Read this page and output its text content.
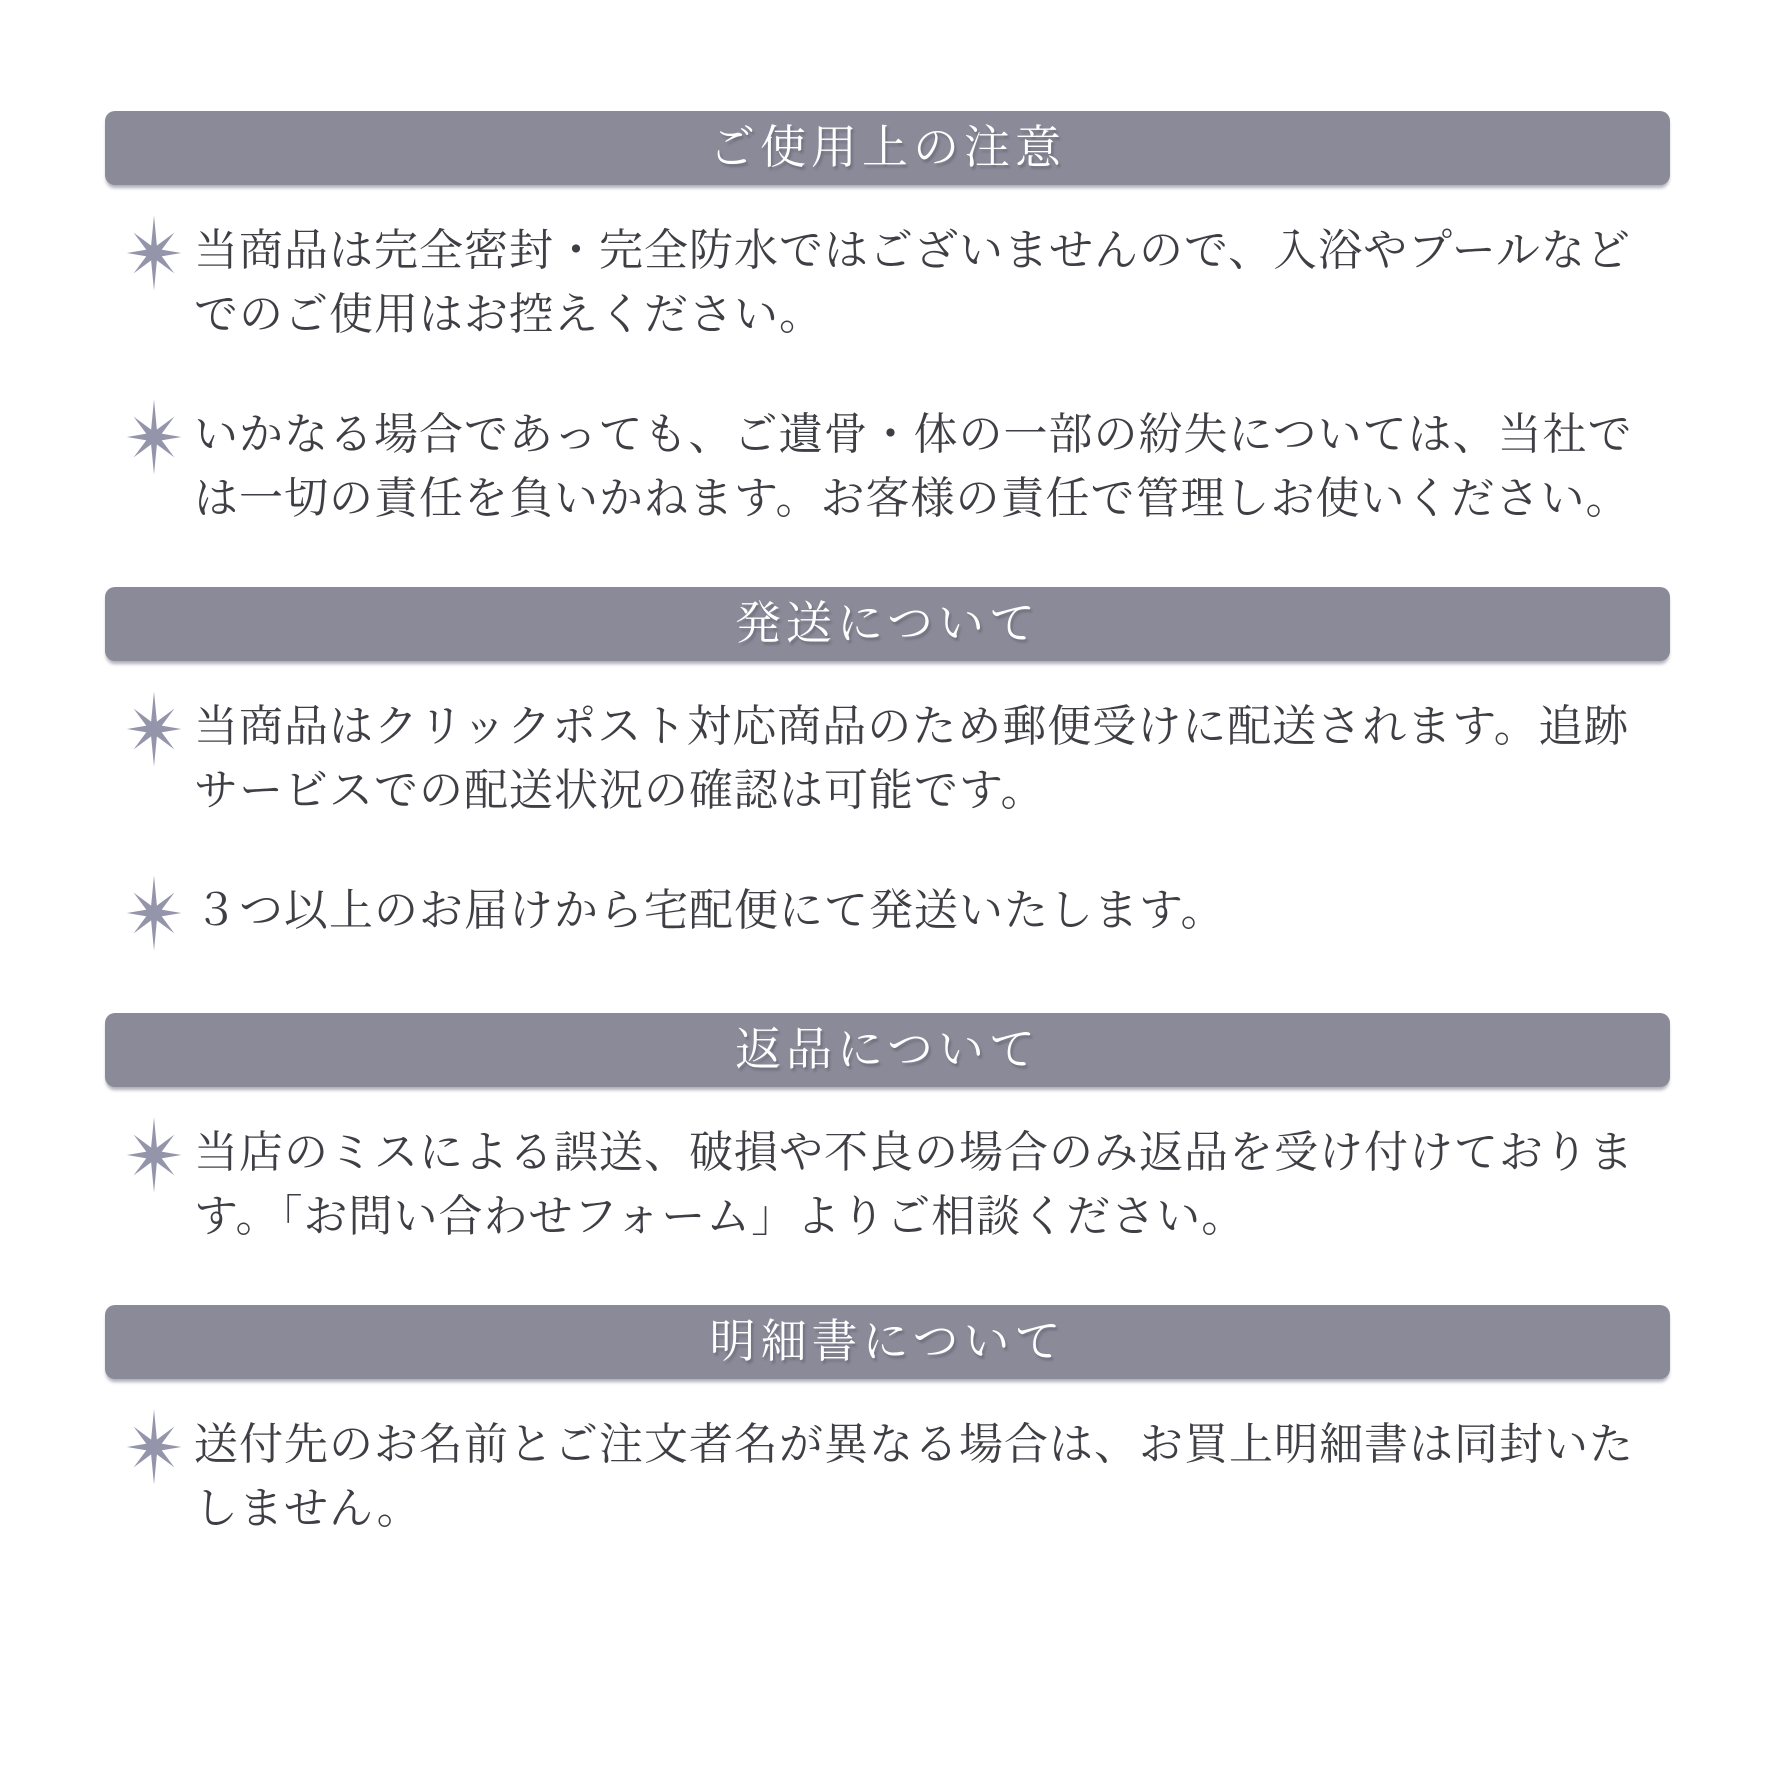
ご使用上の注意

当商品は完全密封・完全防水ではございませんので、入浴やプールなどでのご使用はお控えください。

いかなる場合であっても、ご遺骨・体の一部の紛失については、当社では一切の責任を負いかねます。お客様の責任で管理しお使いください。

発送について

当商品はクリックポスト対応商品のため郵便受けに配送されます。追跡サービスでの配送状況の確認は可能です。

３つ以上のお届けから宅配便にて発送いたします。

返品について

当店のミスによる誤送、破損や不良の場合のみ返品を受け付けております。「お問い合わせフォーム」よりご相談ください。

明細書について

送付先のお名前とご注文者名が異なる場合は、お買上明細書は同封いたしません。
